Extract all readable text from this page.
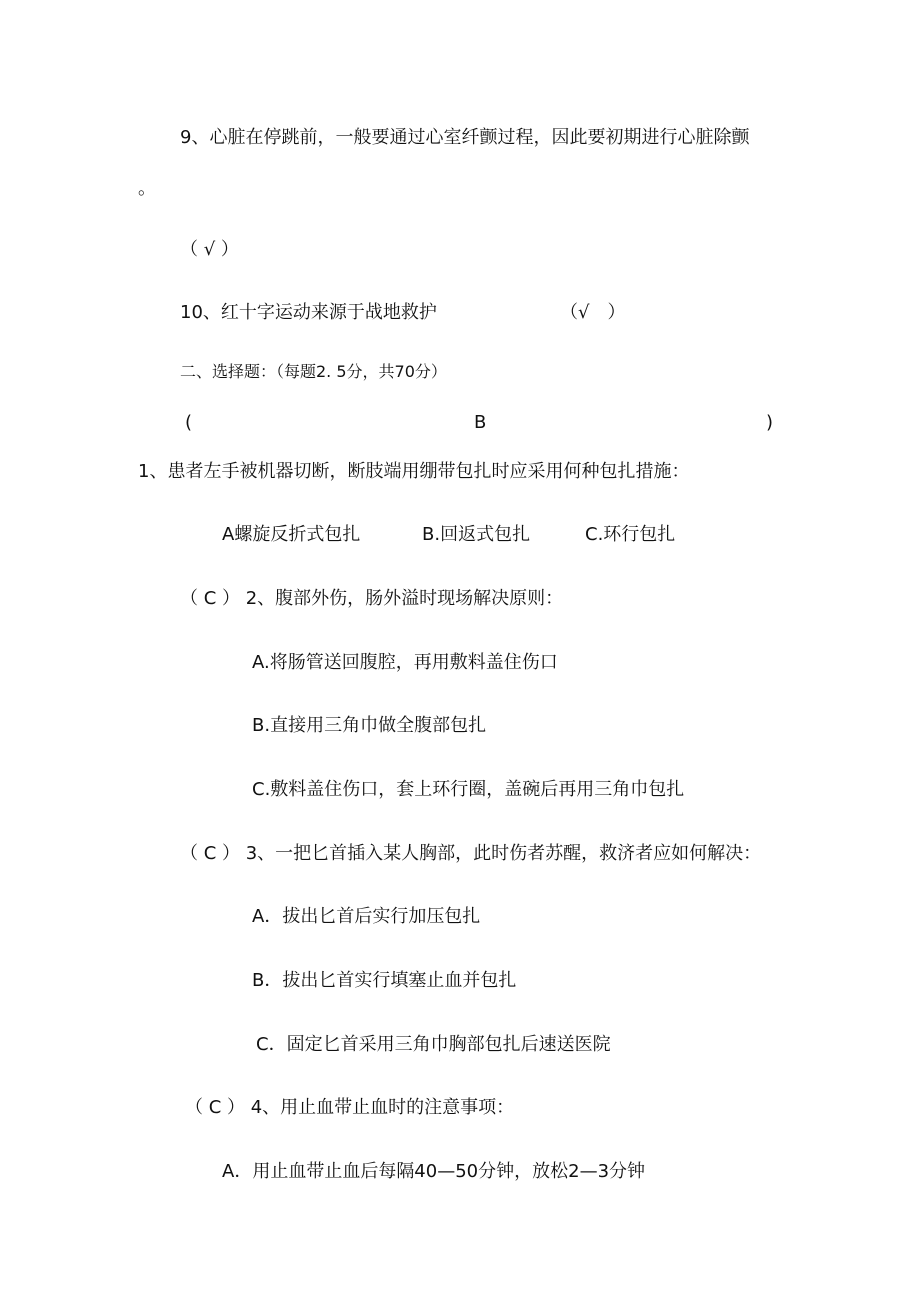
9、心脏在停跳前，一般要通过心室纤颤过程，因此要初期进行心脏除颤
。
（ √ ）
10、红十字运动来源于战地救护	（√　）
二、选择题：（每题2. 5分，共70分）
(	B	)
1、患者左手被机器切断，断肢端用绷带包扎时应采用何种包扎措施：
A螺旋反折式包扎	B.回返式包扎	C.环行包扎
（ C ） 2、腹部外伤，肠外溢时现场解决原则：
A.将肠管送回腹腔，再用敷料盖住伤口
B.直接用三角巾做全腹部包扎
C.敷料盖住伤口，套上环行圈，盖碗后再用三角巾包扎
（ C ） 3、一把匕首插入某人胸部，此时伤者苏醒，救济者应如何解决：
A．拔出匕首后实行加压包扎
B．拔出匕首实行填塞止血并包扎
C．固定匕首采用三角巾胸部包扎后速送医院
（ C ） 4、用止血带止血时的注意事项：
A．用止血带止血后每隔40—50分钟，放松2—3分钟
